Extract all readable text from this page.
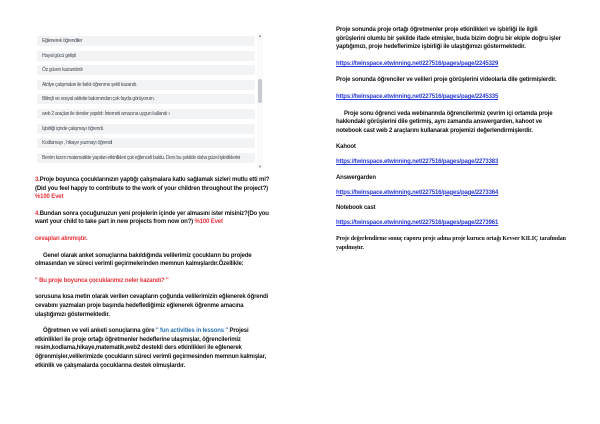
Eğlenerek öğrendiler
Hayal gücü gelişti
Öz güven kazandırdı
Atölye çalışmaları ile farklı öğrenme şekli kazandı.
Bilinçli ve sosyal aktivite bakımından çok fayda görüyorum.
web 2 araçları ile dersler yapıldı: İnterneti amacına uygun kullandı ı
İşbirliği içinde çalışmayı öğrendi.
Kodlamayı , hikaye yazmayı öğrendi
Benim kızım matematikte yapılan etkinlikleri çok eğlenceli buldu. Ders bu şekilde daha güzel işlediklerini
▲
▼

3.Proje boyunca çocuklarınızın yaptığı çalışmalara katkı sağlamak sizleri mutlu etti mi?(Did you feel happy to contribute to the work of your children throughout the project?) %100 Evet

4.Bundan sonra çocuğunuzun yeni projelerin içinde yer almasını ister misiniz?(Do you want your child to take part in new projects from now on?) %100 Evet

cevapları alınmıştır.

Genel olarak anket sonuçlarına bakıldığında velilerimiz çocukların bu projede olmasından ve süreci verimli geçirmelerinden memnun kalmışlardır.Özellikle:

'' Bu proje boyunca çocuklarımız neler kazandı? ''

sorusuna kısa metin olarak verilen cevapların çoğunda velilerimizin eğlenerek öğrendi cevabını yazmaları proje başında hedeflediğimiz eğlenerek öğrenme amacına ulaştığımızı göstermektedir.

Öğretmen ve veli anketi sonuçlarına göre '' fun activities in lessons '' Projesi etkinlikleri ile proje ortağı öğretmenler hedeflerine ulaşmışlar, öğrencilerimiz resim,kodlama,hikaye,matematik,web2 destekli ders etkinlikleri ile eğlenerek öğrenmişler,velilerimizde çocukların süreci verimli geçirmesinden memnun kalmışlar, etkinlik ve çalışmalarda çocuklarına destek olmuşlardır.

Proje sonunda proje ortağı öğretmenler proje etkinlikleri ve işbirliği ile ilgili görüşlerini olumlu bir şekilde ifade etmişler, buda bizim doğru bir ekiple doğru işler yaptığımızı, proje hedeflerimize işbirliği ile ulaştığımızı göstermektedir.

https://twinspace.etwinning.net/227516/pages/page/2245329

Proje sonunda öğrenciler ve velileri proje görüşlerini videolarla dile getirmişlerdir.

https://twinspace.etwinning.net/227516/pages/page/2245335

Proje sonu öğrenci veda webinarında öğrencilerimiz çevrim içi ortamda proje hakkındaki görüşlerini dile getirmiş, aynı zamanda answergarden, kahoot ve notebook cast web 2 araçlarını kullanarak projemizi değerlendirmişlerdir.

Kahoot

https://twinspace.etwinning.net/227516/pages/page/2273383

Answergarden

https://twinspace.etwinning.net/227516/pages/page/2273364

Notebook cast

https://twinspace.etwinning.net/227516/pages/page/2273961

Proje değerlendirme sonuç raporu proje adına proje kurucu ortağı Kevser KILIÇ tarafından yapılmıştır.
